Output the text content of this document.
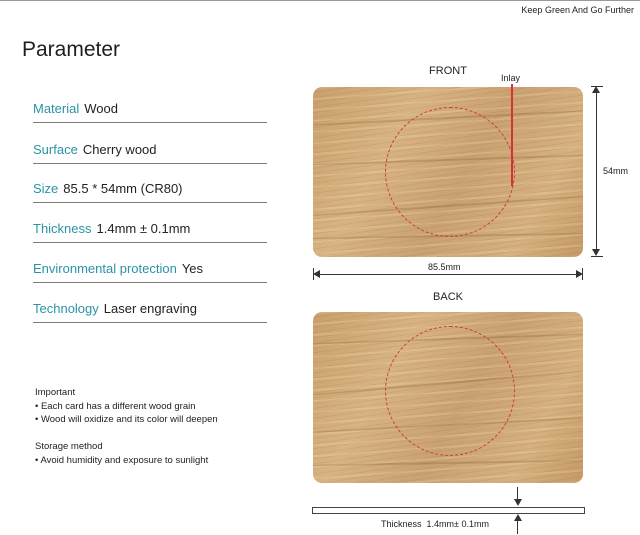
Keep Green And Go Further
Parameter
Material Wood
Surface Cherry wood
Size 85.5 * 54mm (CR80)
Thickness 1.4mm ± 0.1mm
Environmental protection Yes
Technology Laser engraving
Important
• Each card has a different wood grain
• Wood will oxidize and its color will deepen
Storage method
• Avoid humidity and exposure to sunlight
FRONT
Inlay
54mm
85.5mm
BACK
Thickness  1.4mm± 0.1mm
